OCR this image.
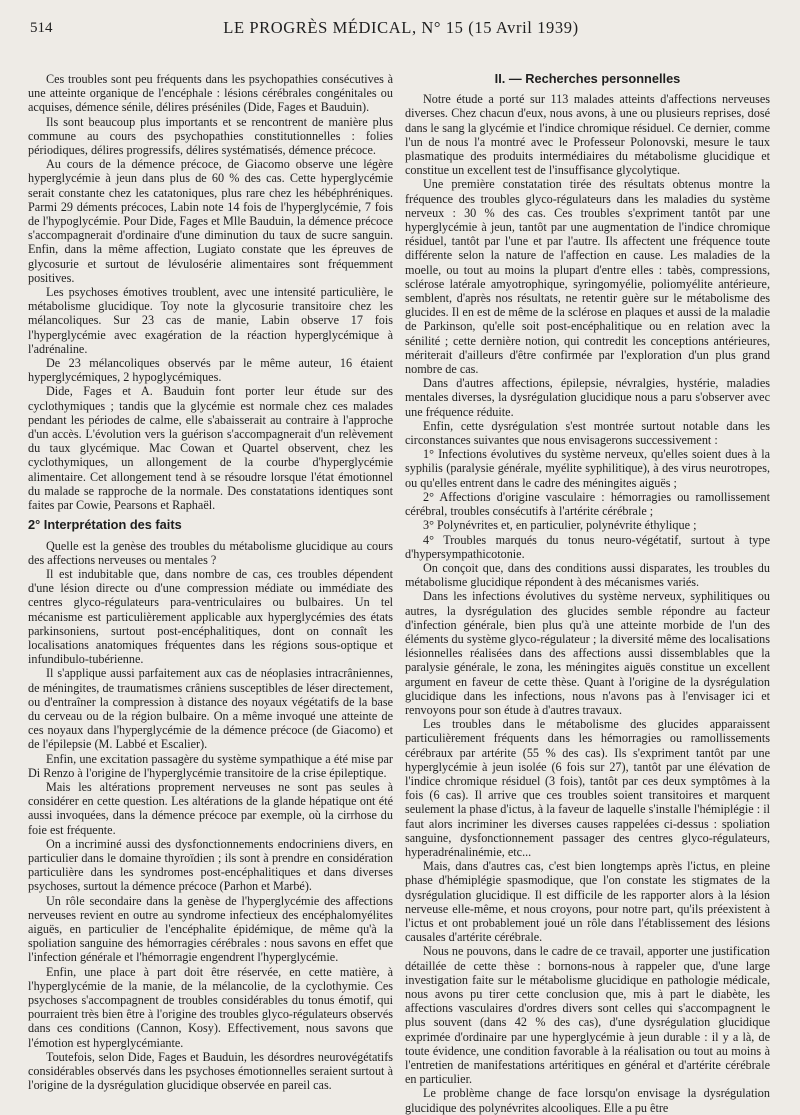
514	LE PROGRÈS MÉDICAL, N° 15 (15 Avril 1939)

Ces troubles sont peu fréquents dans les psychopathies consécutives à une atteinte organique de l'encéphale : lésions cérébrales congénitales ou acquises, démence sénile, délires préséniles (Dide, Fages et Bauduin).

Ils sont beaucoup plus importants et se rencontrent de manière plus commune au cours des psychopathies constitutionnelles : folies périodiques, délires progressifs, délires systématisés, démence précoce.

Au cours de la démence précoce, de Giacomo observe une légère hyperglycémie à jeun dans plus de 60 % des cas. Cette hyperglycémie serait constante chez les catatoniques, plus rare chez les hébéphréniques. Parmi 29 déments précoces, Labin note 14 fois de l'hyperglycémie, 7 fois de l'hypoglycémie. Pour Dide, Fages et Mlle Bauduin, la démence précoce s'accompagnerait d'ordinaire d'une diminution du taux de sucre sanguin. Enfin, dans la même affection, Lugiato constate que les épreuves de glycosurie et surtout de lévulosérie alimentaires sont fréquemment positives.

Les psychoses émotives troublent, avec une intensité particulière, le métabolisme glucidique. Toy note la glycosurie transitoire chez les mélancoliques. Sur 23 cas de manie, Labin observe 17 fois l'hyperglycémie avec exagération de la réaction hyperglycémique à l'adrénaline.

De 23 mélancoliques observés par le même auteur, 16 étaient hyperglycémiques, 2 hypoglycémiques.

Dide, Fages et A. Bauduin font porter leur étude sur des cyclothymiques ; tandis que la glycémie est normale chez ces malades pendant les périodes de calme, elle s'abaisserait au contraire à l'approche d'un accès. L'évolution vers la guérison s'accompagnerait d'un relèvement du taux glycémique. Mac Cowan et Quartel observent, chez les cyclothymiques, un allongement de la courbe d'hyperglycémie alimentaire. Cet allongement tend à se résoudre lorsque l'état émotionnel du malade se rapproche de la normale. Des constatations identiques sont faites par Cowie, Pearsons et Raphaël.

2° Interprétation des faits

Quelle est la genèse des troubles du métabolisme glucidique au cours des affections nerveuses ou mentales ?

Il est indubitable que, dans nombre de cas, ces troubles dépendent d'une lésion directe ou d'une compression médiate ou immédiate des centres glyco-régulateurs para-ventriculaires ou bulbaires. Un tel mécanisme est particulièrement applicable aux hyperglycémies des états parkinsoniens, surtout post-encéphalitiques, dont on connaît les localisations anatomiques fréquentes dans les régions sous-optique et infundibulo-tubérienne.

Il s'applique aussi parfaitement aux cas de néoplasies intracrâniennes, de méningites, de traumatismes crâniens susceptibles de léser directement, ou d'entraîner la compression à distance des noyaux végétatifs de la base du cerveau ou de la région bulbaire. On a même invoqué une atteinte de ces noyaux dans l'hyperglycémie de la démence précoce (de Giacomo) et de l'épilepsie (M. Labbé et Escalier).

Enfin, une excitation passagère du système sympathique a été mise par Di Renzo à l'origine de l'hyperglycémie transitoire de la crise épileptique.

Mais les altérations proprement nerveuses ne sont pas seules à considérer en cette question. Les altérations de la glande hépatique ont été aussi invoquées, dans la démence précoce par exemple, où la cirrhose du foie est fréquente.

On a incriminé aussi des dysfonctionnements endocriniens divers, en particulier dans le domaine thyroïdien ; ils sont à prendre en considération particulière dans les syndromes post-encéphalitiques et dans diverses psychoses, surtout la démence précoce (Parhon et Marbé).

Un rôle secondaire dans la genèse de l'hyperglycémie des affections nerveuses revient en outre au syndrome infectieux des encéphalomyélites aiguës, en particulier de l'encéphalite épidémique, de même qu'à la spoliation sanguine des hémorragies cérébrales : nous savons en effet que l'infection générale et l'hémorragie engendrent l'hyperglycémie.

Enfin, une place à part doit être réservée, en cette matière, à l'hyperglycémie de la manie, de la mélancolie, de la cyclothymie. Ces psychoses s'accompagnent de troubles considérables du tonus émotif, qui pourraient très bien être à l'origine des troubles glyco-régulateurs observés dans ces conditions (Cannon, Kosy). Effectivement, nous savons que l'émotion est hyperglycémiante.

Toutefois, selon Dide, Fages et Bauduin, les désordres neurovégétatifs considérables observés dans les psychoses émotionnelles seraient surtout à l'origine de la dysrégulation glucidique observée en pareil cas.

II. — Recherches personnelles

Notre étude a porté sur 113 malades atteints d'affections nerveuses diverses. Chez chacun d'eux, nous avons, à une ou plusieurs reprises, dosé dans le sang la glycémie et l'indice chromique résiduel. Ce dernier, comme l'un de nous l'a montré avec le Professeur Polonovski, mesure le taux plasmatique des produits intermédiaires du métabolisme glucidique et constitue un excellent test de l'insuffisance glycolytique.

Une première constatation tirée des résultats obtenus montre la fréquence des troubles glyco-régulateurs dans les maladies du système nerveux : 30 % des cas. Ces troubles s'expriment tantôt par une hyperglycémie à jeun, tantôt par une augmentation de l'indice chromique résiduel, tantôt par l'une et par l'autre. Ils affectent une fréquence toute différente selon la nature de l'affection en cause. Les maladies de la moelle, ou tout au moins la plupart d'entre elles : tabès, compressions, sclérose latérale amyotrophique, syringomyélie, poliomyélite antérieure, semblent, d'après nos résultats, ne retentir guère sur le métabolisme des glucides. Il en est de même de la sclérose en plaques et aussi de la maladie de Parkinson, qu'elle soit post-encéphalitique ou en relation avec la sénilité ; cette dernière notion, qui contredit les conceptions antérieures, mériterait d'ailleurs d'être confirmée par l'exploration d'un plus grand nombre de cas.

Dans d'autres affections, épilepsie, névralgies, hystérie, maladies mentales diverses, la dysrégulation glucidique nous a paru s'observer avec une fréquence réduite.

Enfin, cette dysrégulation s'est montrée surtout notable dans les circonstances suivantes que nous envisagerons successivement :

1° Infections évolutives du système nerveux, qu'elles soient dues à la syphilis (paralysie générale, myélite syphilitique), à des virus neurotropes, ou qu'elles entrent dans le cadre des méningites aiguës ;
2° Affections d'origine vasculaire : hémorragies ou ramollissement cérébral, troubles consécutifs à l'artérite cérébrale ;
3° Polynévrites et, en particulier, polynévrite éthylique ;
4° Troubles marqués du tonus neuro-végétatif, surtout à type d'hypersympathicotonie.

On conçoit que, dans des conditions aussi disparates, les troubles du métabolisme glucidique répondent à des mécanismes variés.

Dans les infections évolutives du système nerveux, syphilitiques ou autres, la dysrégulation des glucides semble répondre au facteur d'infection générale, bien plus qu'à une atteinte morbide de l'un des éléments du système glyco-régulateur ; la diversité même des localisations lésionnelles réalisées dans des affections aussi dissemblables que la paralysie générale, le zona, les méningites aiguës constitue un excellent argument en faveur de cette thèse. Quant à l'origine de la dysrégulation glucidique dans les infections, nous n'avons pas à l'envisager ici et renvoyons pour son étude à d'autres travaux.

Les troubles dans le métabolisme des glucides apparaissent particulièrement fréquents dans les hémorragies ou ramollissements cérébraux par artérite (55 % des cas). Ils s'expriment tantôt par une hyperglycémie à jeun isolée (6 fois sur 27), tantôt par une élévation de l'indice chromique résiduel (3 fois), tantôt par ces deux symptômes à la fois (6 cas). Il arrive que ces troubles soient transitoires et marquent seulement la phase d'ictus, à la faveur de laquelle s'installe l'hémiplégie : il faut alors incriminer les diverses causes rappelées ci-dessus : spoliation sanguine, dysfonctionnement passager des centres glyco-régulateurs, hyperadrénalinémie, etc...

Mais, dans d'autres cas, c'est bien longtemps après l'ictus, en pleine phase d'hémiplégie spasmodique, que l'on constate les stigmates de la dysrégulation glucidique. Il est difficile de les rapporter alors à la lésion nerveuse elle-même, et nous croyons, pour notre part, qu'ils préexistent à l'ictus et ont probablement joué un rôle dans l'établissement des lésions causales d'artérite cérébrale.

Nous ne pouvons, dans le cadre de ce travail, apporter une justification détaillée de cette thèse : bornons-nous à rappeler que, d'une large investigation faite sur le métabolisme glucidique en pathologie médicale, nous avons pu tirer cette conclusion que, mis à part le diabète, les affections vasculaires d'ordres divers sont celles qui s'accompagnent le plus souvent (dans 42 % des cas), d'une dysrégulation glucidique exprimée d'ordinaire par une hyperglycémie à jeun durable : il y a là, de toute évidence, une condition favorable à la réalisation ou tout au moins à l'entretien de manifestations artéritiques en général et d'artérite cérébrale en particulier.

Le problème change de face lorsqu'on envisage la dysrégulation glucidique des polynévrites alcooliques. Elle a pu être
